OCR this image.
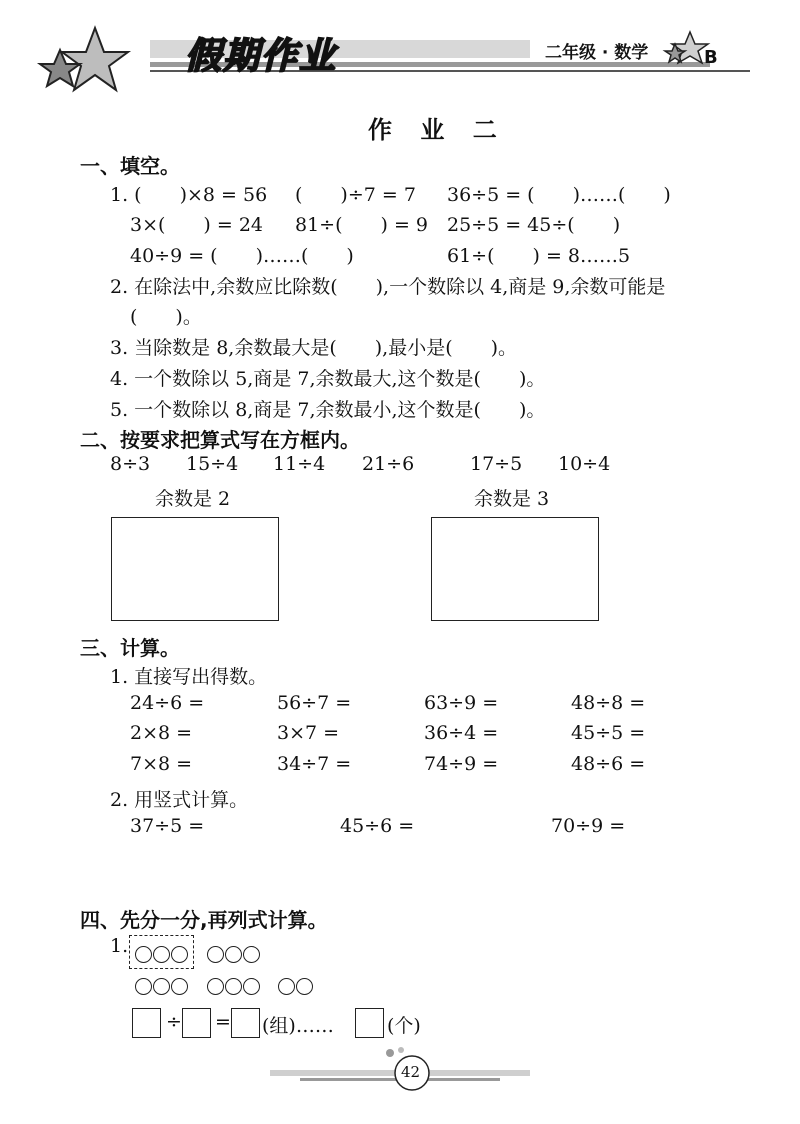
假期作业	二年级 · 数学	B
作 业 二
一、填空。
1. (　　)×8 = 56 (　　)÷7 = 7 36÷5 = (　　)……(　　)
3×(　　) = 24 81÷(　　) = 9 25÷5 = 45÷(　　)
40÷9 = (　　)……(　　)	61÷(　　) = 8……5
2. 在除法中,余数应比除数(　　),一个数除以 4,商是 9,余数可能是
(　　)。
3. 当除数是 8,余数最大是(　　),最小是(　　)。
4. 一个数除以 5,商是 7,余数最大,这个数是(　　)。
5. 一个数除以 8,商是 7,余数最小,这个数是(　　)。
二、按要求把算式写在方框内。
8÷3 15÷4 11÷4 21÷6	17÷5 10÷4
余数是 2	余数是 3
三、计算。
1. 直接写出得数。
24÷6 =	56÷7 =	63÷9 =	48÷8 =
2×8 =	3×7 =	36÷4 =	45÷5 =
7×8 =	34÷7 =	74÷9 =	48÷6 =
2. 用竖式计算。
37÷5 =	45÷6 =	70÷9 =
四、先分一分,再列式计算。
1.
÷ = (组)……	(个)
42
